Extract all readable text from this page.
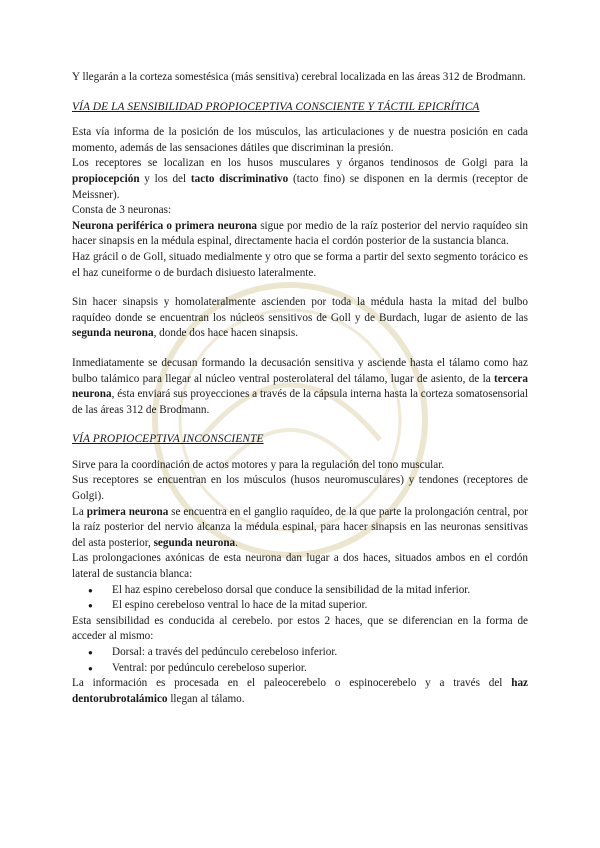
Y llegarán a la corteza somestésica (más sensitiva) cerebral localizada en las áreas 312 de Brodmann.

VÍA DE LA SENSIBILIDAD PROPIOCEPTIVA CONSCIENTE Y TÁCTIL EPICRÍTICA

Esta vía informa de la posición de los músculos, las articulaciones y de nuestra posición en cada momento, además de las sensaciones dátiles que discriminan la presión.

Los receptores se localizan en los husos musculares y órganos tendinosos de Golgi para la propiocepción y los del tacto discriminativo (tacto fino) se disponen en la dermis (receptor de Meissner).

Consta de 3 neuronas:

Neurona periférica o primera neurona sigue por medio de la raíz posterior del nervio raquídeo sin hacer sinapsis en la médula espinal, directamente hacia el cordón posterior de la sustancia blanca.

Haz grácil o de Goll, situado medialmente y otro que se forma a partir del sexto segmento torácico es el haz cuneiforme o de burdach disiuesto lateralmente.

Sin hacer sinapsis y homolateralmente ascienden por toda la médula hasta la mitad del bulbo raquídeo donde se encuentran los núcleos sensitivos de Goll y de Burdach, lugar de asiento de las segunda neurona, donde dos hace hacen sinapsis.

Inmediatamente se decusan formando la decusación sensitiva y asciende hasta el tálamo como haz bulbo talámico para llegar al núcleo ventral posterolateral del tálamo, lugar de asiento, de la tercera neurona, ésta enviará sus proyecciones a través de la cápsula interna hasta la corteza somatosensorial de las áreas 312 de Brodmann.

VÍA PROPIOCEPTIVA INCONSCIENTE

Sirve para la coordinación de actos motores y para la regulación del tono muscular.

Sus receptores se encuentran en los músculos (husos neuromusculares) y tendones (receptores de Golgi).

La primera neurona se encuentra en el ganglio raquídeo, de la que parte la prolongación central, por la raíz posterior del nervio alcanza la médula espinal, para hacer sinapsis en las neuronas sensitivas del asta posterior, segunda neurona.

Las prolongaciones axónicas de esta neurona dan lugar a dos haces, situados ambos en el cordón lateral de sustancia blanca:

● El haz espino cerebeloso dorsal que conduce la sensibilidad de la mitad inferior.
● El espino cerebeloso ventral lo hace de la mitad superior.

Esta sensibilidad es conducida al cerebelo. por estos 2 haces, que se diferencian en la forma de acceder al mismo:

● Dorsal: a través del pedúnculo cerebeloso inferior.
● Ventral: por pedúnculo cerebeloso superior.

La información es procesada en el paleocerebelo o espinocerebelo y a través del haz dentorubrotalámico llegan al tálamo.
